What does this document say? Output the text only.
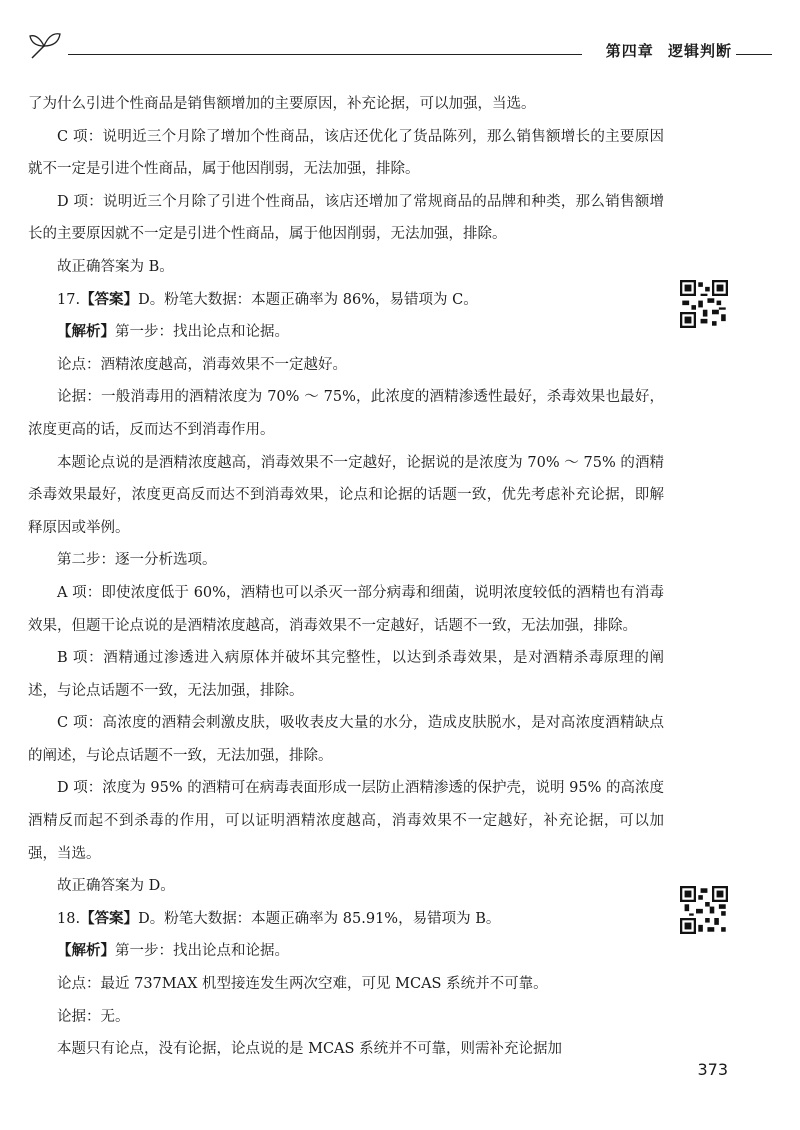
第四章 逻辑判断

了为什么引进个性商品是销售额增加的主要原因，补充论据，可以加强，当选。

C 项：说明近三个月除了增加个性商品，该店还优化了货品陈列，那么销售额增长的主要原因就不一定是引进个性商品，属于他因削弱，无法加强，排除。

D 项：说明近三个月除了引进个性商品，该店还增加了常规商品的品牌和种类，那么销售额增长的主要原因就不一定是引进个性商品，属于他因削弱，无法加强，排除。

故正确答案为 B。

17.【答案】D。粉笔大数据：本题正确率为 86%，易错项为 C。

【解析】第一步：找出论点和论据。

论点：酒精浓度越高，消毒效果不一定越好。

论据：一般消毒用的酒精浓度为 70% ～ 75%，此浓度的酒精渗透性最好，杀毒效果也最好，浓度更高的话，反而达不到消毒作用。

本题论点说的是酒精浓度越高，消毒效果不一定越好，论据说的是浓度为 70% ～ 75% 的酒精杀毒效果最好，浓度更高反而达不到消毒效果，论点和论据的话题一致，优先考虑补充论据，即解释原因或举例。

第二步：逐一分析选项。

A 项：即使浓度低于 60%，酒精也可以杀灭一部分病毒和细菌，说明浓度较低的酒精也有消毒效果，但题干论点说的是酒精浓度越高，消毒效果不一定越好，话题不一致，无法加强，排除。

B 项：酒精通过渗透进入病原体并破坏其完整性，以达到杀毒效果，是对酒精杀毒原理的阐述，与论点话题不一致，无法加强，排除。

C 项：高浓度的酒精会刺激皮肤，吸收表皮大量的水分，造成皮肤脱水，是对高浓度酒精缺点的阐述，与论点话题不一致，无法加强，排除。

D 项：浓度为 95% 的酒精可在病毒表面形成一层防止酒精渗透的保护壳，说明 95% 的高浓度酒精反而起不到杀毒的作用，可以证明酒精浓度越高，消毒效果不一定越好，补充论据，可以加强，当选。

故正确答案为 D。

18.【答案】D。粉笔大数据：本题正确率为 85.91%，易错项为 B。

【解析】第一步：找出论点和论据。

论点：最近 737MAX 机型接连发生两次空难，可见 MCAS 系统并不可靠。

论据：无。

本题只有论点，没有论据，论点说的是 MCAS 系统并不可靠，则需补充论据加

373
